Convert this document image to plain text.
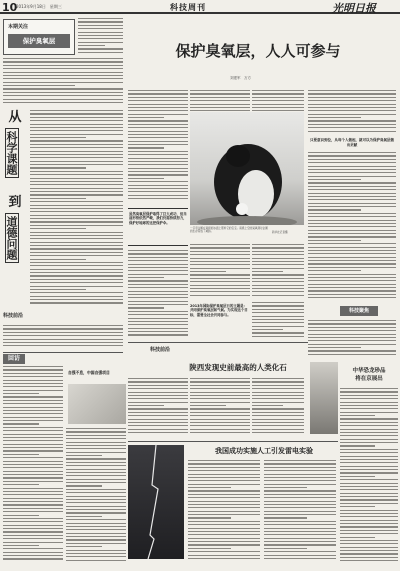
10
2013年9月18日　星期三	科技周刊	光明日报
本期关注
保护臭氧层
从
科学课题
到
道德问题
科技前沿
回访
自强不息，中国自强项目
保护臭氧层，人人可参与
刘建军　万方
一只帝企鹅在南极的冰面上照料它的宝宝。南极上空的臭氧洞对企鹅的生存造成了威胁。	新华社记者摄
虽然臭氧层保护取得了巨大成功，但当前形势依然严峻，我们仍需持续努力，保护好地球的这把保护伞。
2013年国际保护臭氧层日的主题是：共同保护臭氧层和气候。为实现这个目标，需要全社会共同参与。
只要意识到位，从每个人做起，就可以为保护臭氧层做出贡献
科技聚焦
科技前沿
陕西发现史前最高的人类化石	中华恐龙珍品
将在京展出
我国成功实施人工引发雷电实验
